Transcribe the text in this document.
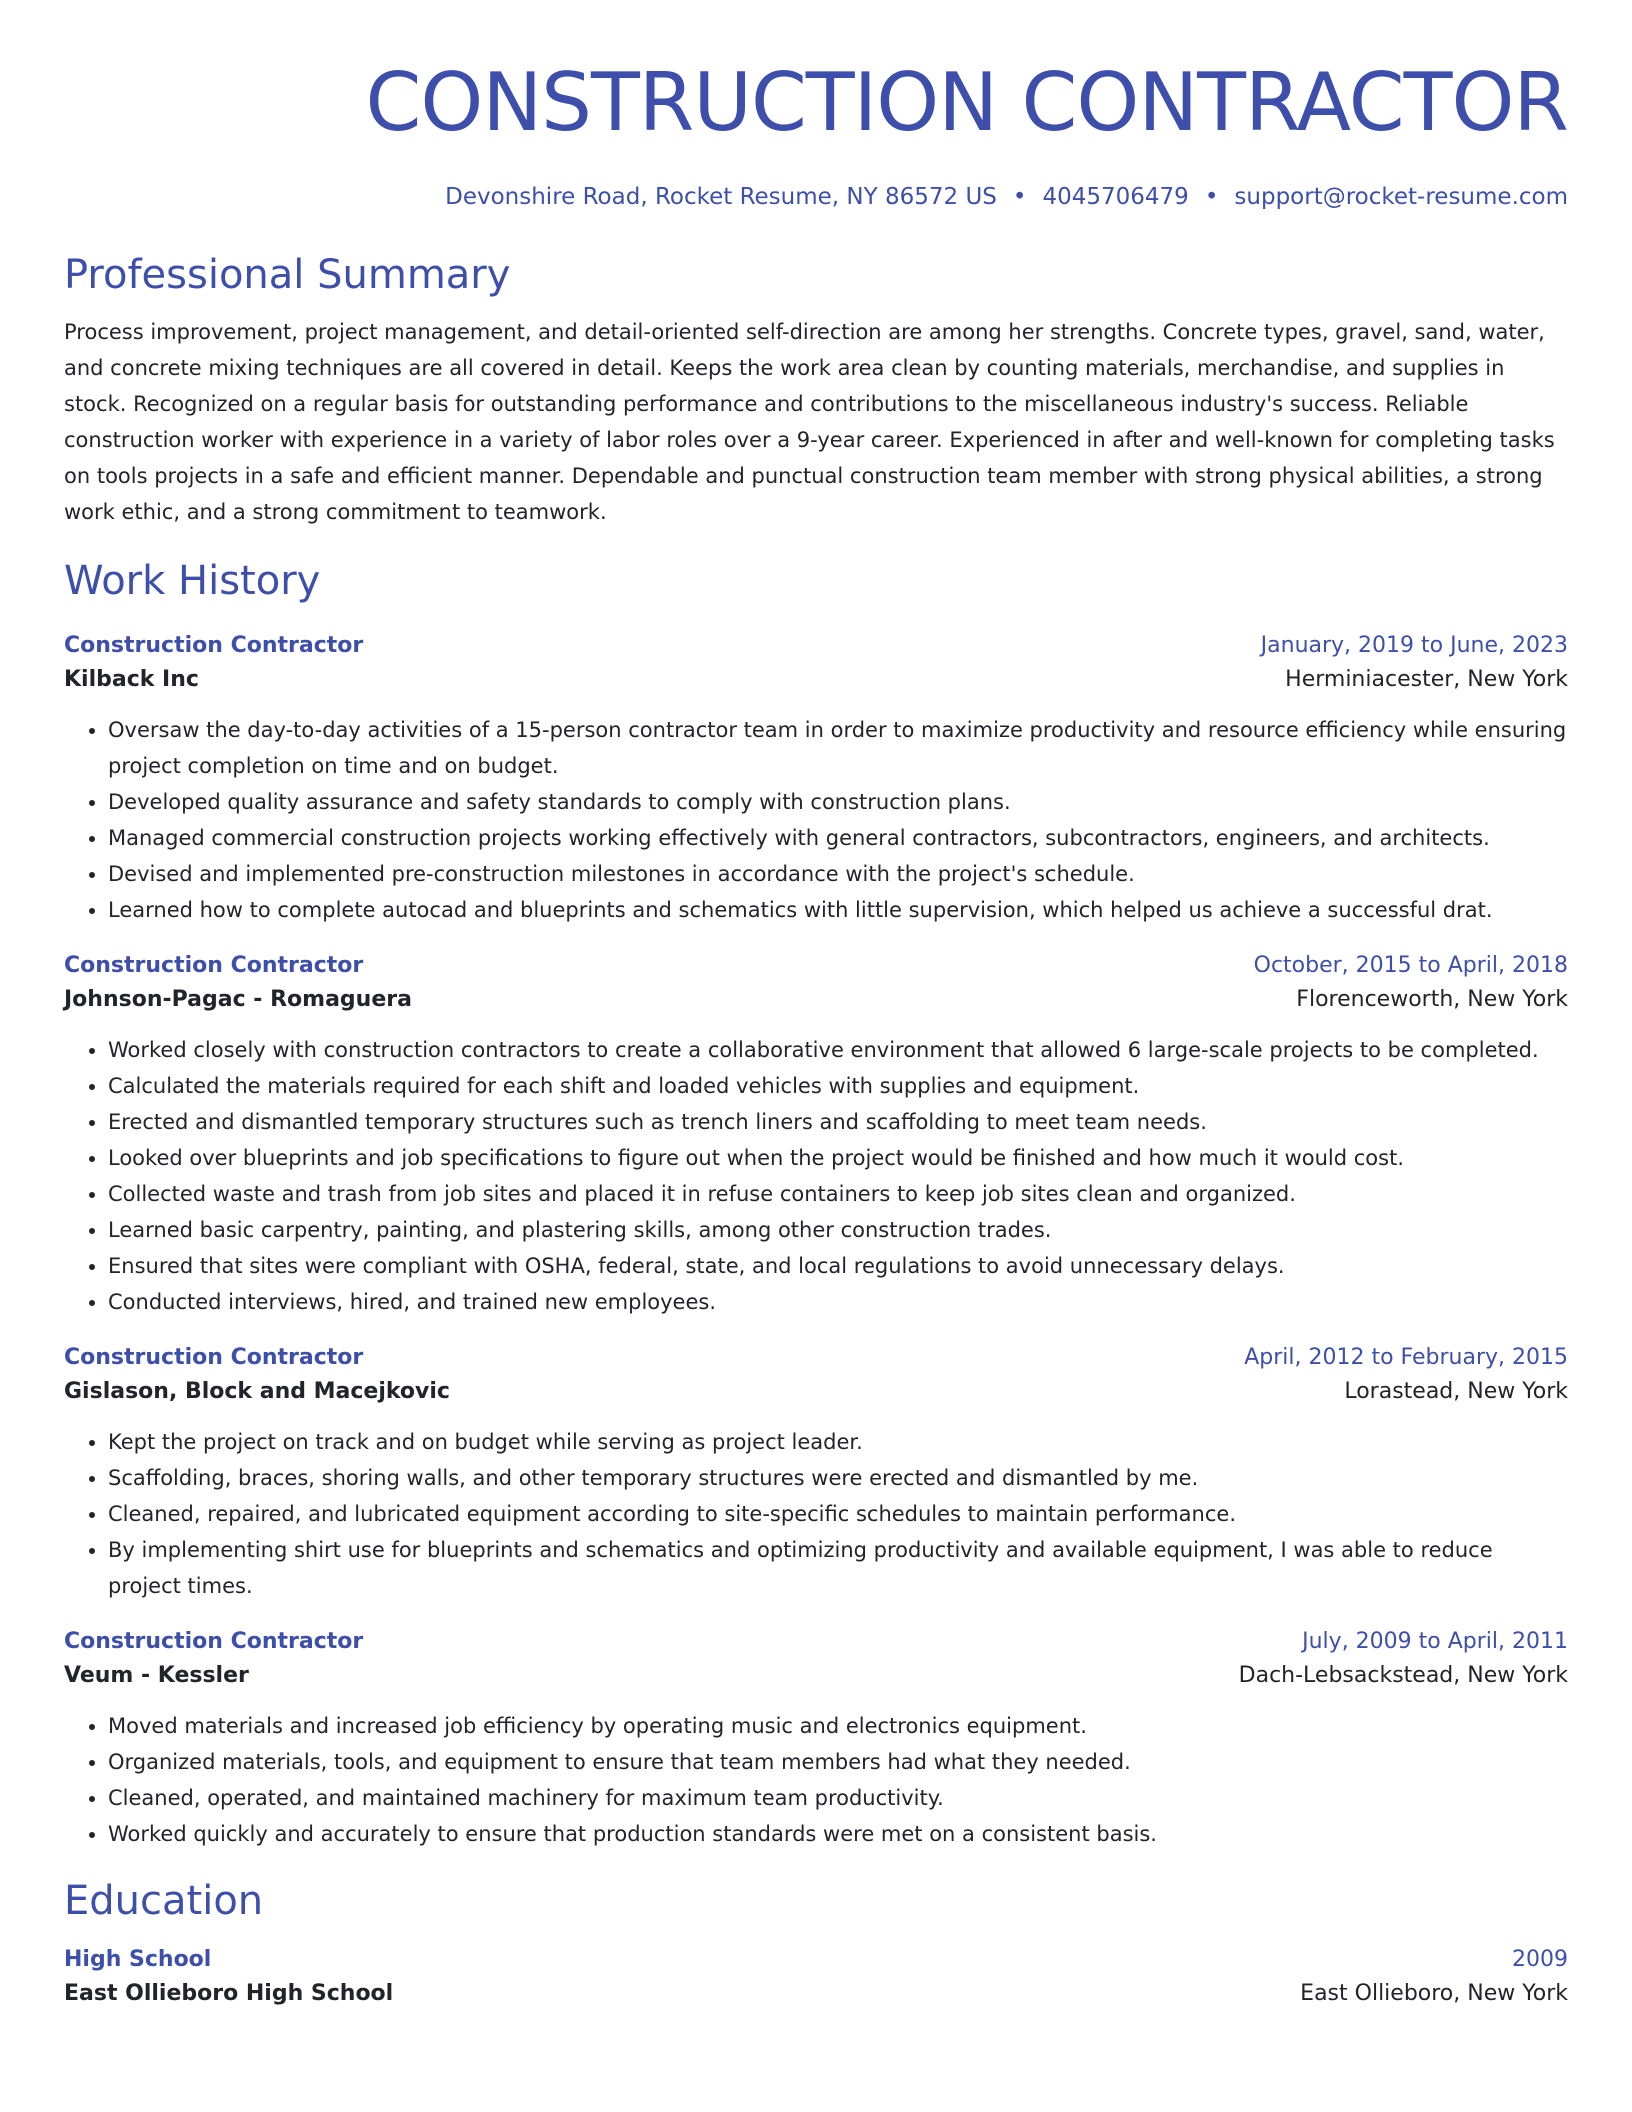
CONSTRUCTION CONTRACTOR
Devonshire Road, Rocket Resume, NY 86572 US • 4045706479 • support@rocket-resume.com
Professional Summary

Process improvement, project management, and detail-oriented self-direction are among her strengths. Concrete types, gravel, sand, water, and concrete mixing techniques are all covered in detail. Keeps the work area clean by counting materials, merchandise, and supplies in stock. Recognized on a regular basis for outstanding performance and contributions to the miscellaneous industry's success. Reliable construction worker with experience in a variety of labor roles over a 9-year career. Experienced in after and well-known for completing tasks on tools projects in a safe and efficient manner. Dependable and punctual construction team member with strong physical abilities, a strong work ethic, and a strong commitment to teamwork.

Work History
Construction Contractor	January, 2019 to June, 2023
Kilback Inc	Herminiacester, New York
• Oversaw the day-to-day activities of a 15-person contractor team in order to maximize productivity and resource efficiency while ensuring project completion on time and on budget.
• Developed quality assurance and safety standards to comply with construction plans.
• Managed commercial construction projects working effectively with general contractors, subcontractors, engineers, and architects.
• Devised and implemented pre-construction milestones in accordance with the project's schedule.
• Learned how to complete autocad and blueprints and schematics with little supervision, which helped us achieve a successful drat.
Construction Contractor	October, 2015 to April, 2018
Johnson-Pagac - Romaguera	Florenceworth, New York
• Worked closely with construction contractors to create a collaborative environment that allowed 6 large-scale projects to be completed.
• Calculated the materials required for each shift and loaded vehicles with supplies and equipment.
• Erected and dismantled temporary structures such as trench liners and scaffolding to meet team needs.
• Looked over blueprints and job specifications to figure out when the project would be finished and how much it would cost.
• Collected waste and trash from job sites and placed it in refuse containers to keep job sites clean and organized.
• Learned basic carpentry, painting, and plastering skills, among other construction trades.
• Ensured that sites were compliant with OSHA, federal, state, and local regulations to avoid unnecessary delays.
• Conducted interviews, hired, and trained new employees.
Construction Contractor	April, 2012 to February, 2015
Gislason, Block and Macejkovic	Lorastead, New York
• Kept the project on track and on budget while serving as project leader.
• Scaffolding, braces, shoring walls, and other temporary structures were erected and dismantled by me.
• Cleaned, repaired, and lubricated equipment according to site-specific schedules to maintain performance.
• By implementing shirt use for blueprints and schematics and optimizing productivity and available equipment, I was able to reduce project times.
Construction Contractor	July, 2009 to April, 2011
Veum - Kessler	Dach-Lebsackstead, New York
• Moved materials and increased job efficiency by operating music and electronics equipment.
• Organized materials, tools, and equipment to ensure that team members had what they needed.
• Cleaned, operated, and maintained machinery for maximum team productivity.
• Worked quickly and accurately to ensure that production standards were met on a consistent basis.
Education
High School	2009
East Ollieboro High School	East Ollieboro, New York
